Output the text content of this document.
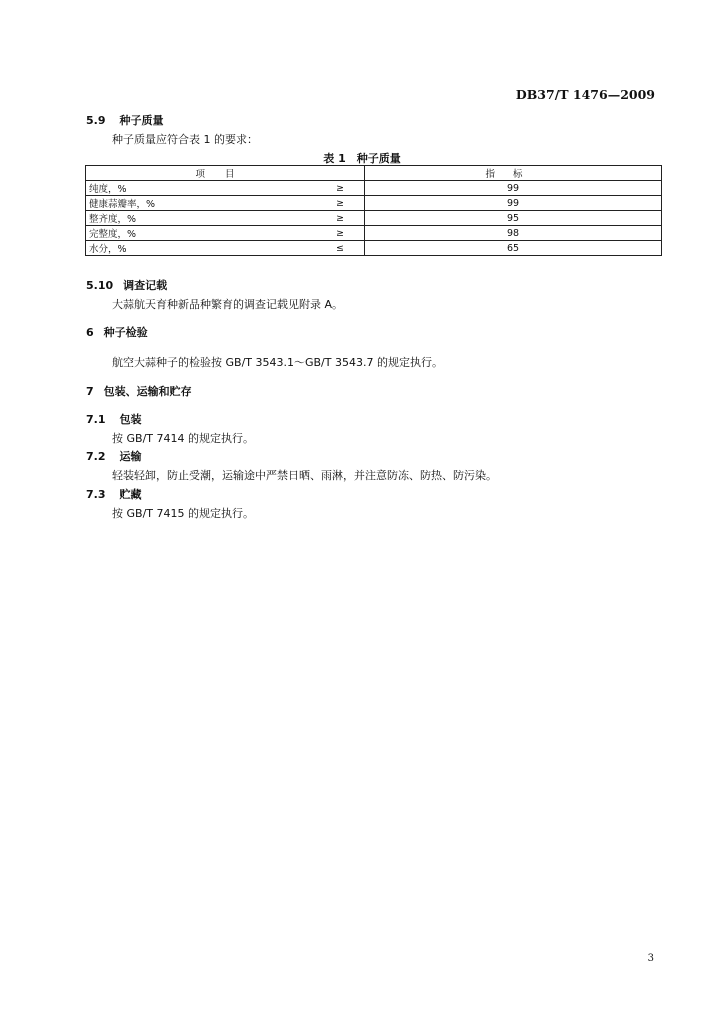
DB37/T 1476—2009
5.9 种子质量
种子质量应符合表 1 的要求：
表 1　种子质量
项目		指标
纯度，%	≥	99
健康蒜瓣率，%	≥	99
整齐度，%	≥	95
完整度，%	≥	98
水分，%	≤	65
5.10 调查记载
大蒜航天育种新品种繁育的调查记载见附录 A。
6 种子检验
航空大蒜种子的检验按 GB/T 3543.1～GB/T 3543.7 的规定执行。
7 包装、运输和贮存
7.1 包装
按 GB/T 7414 的规定执行。
7.2 运输
轻装轻卸，防止受潮，运输途中严禁日晒、雨淋，并注意防冻、防热、防污染。
7.3 贮藏
按 GB/T 7415 的规定执行。
3
